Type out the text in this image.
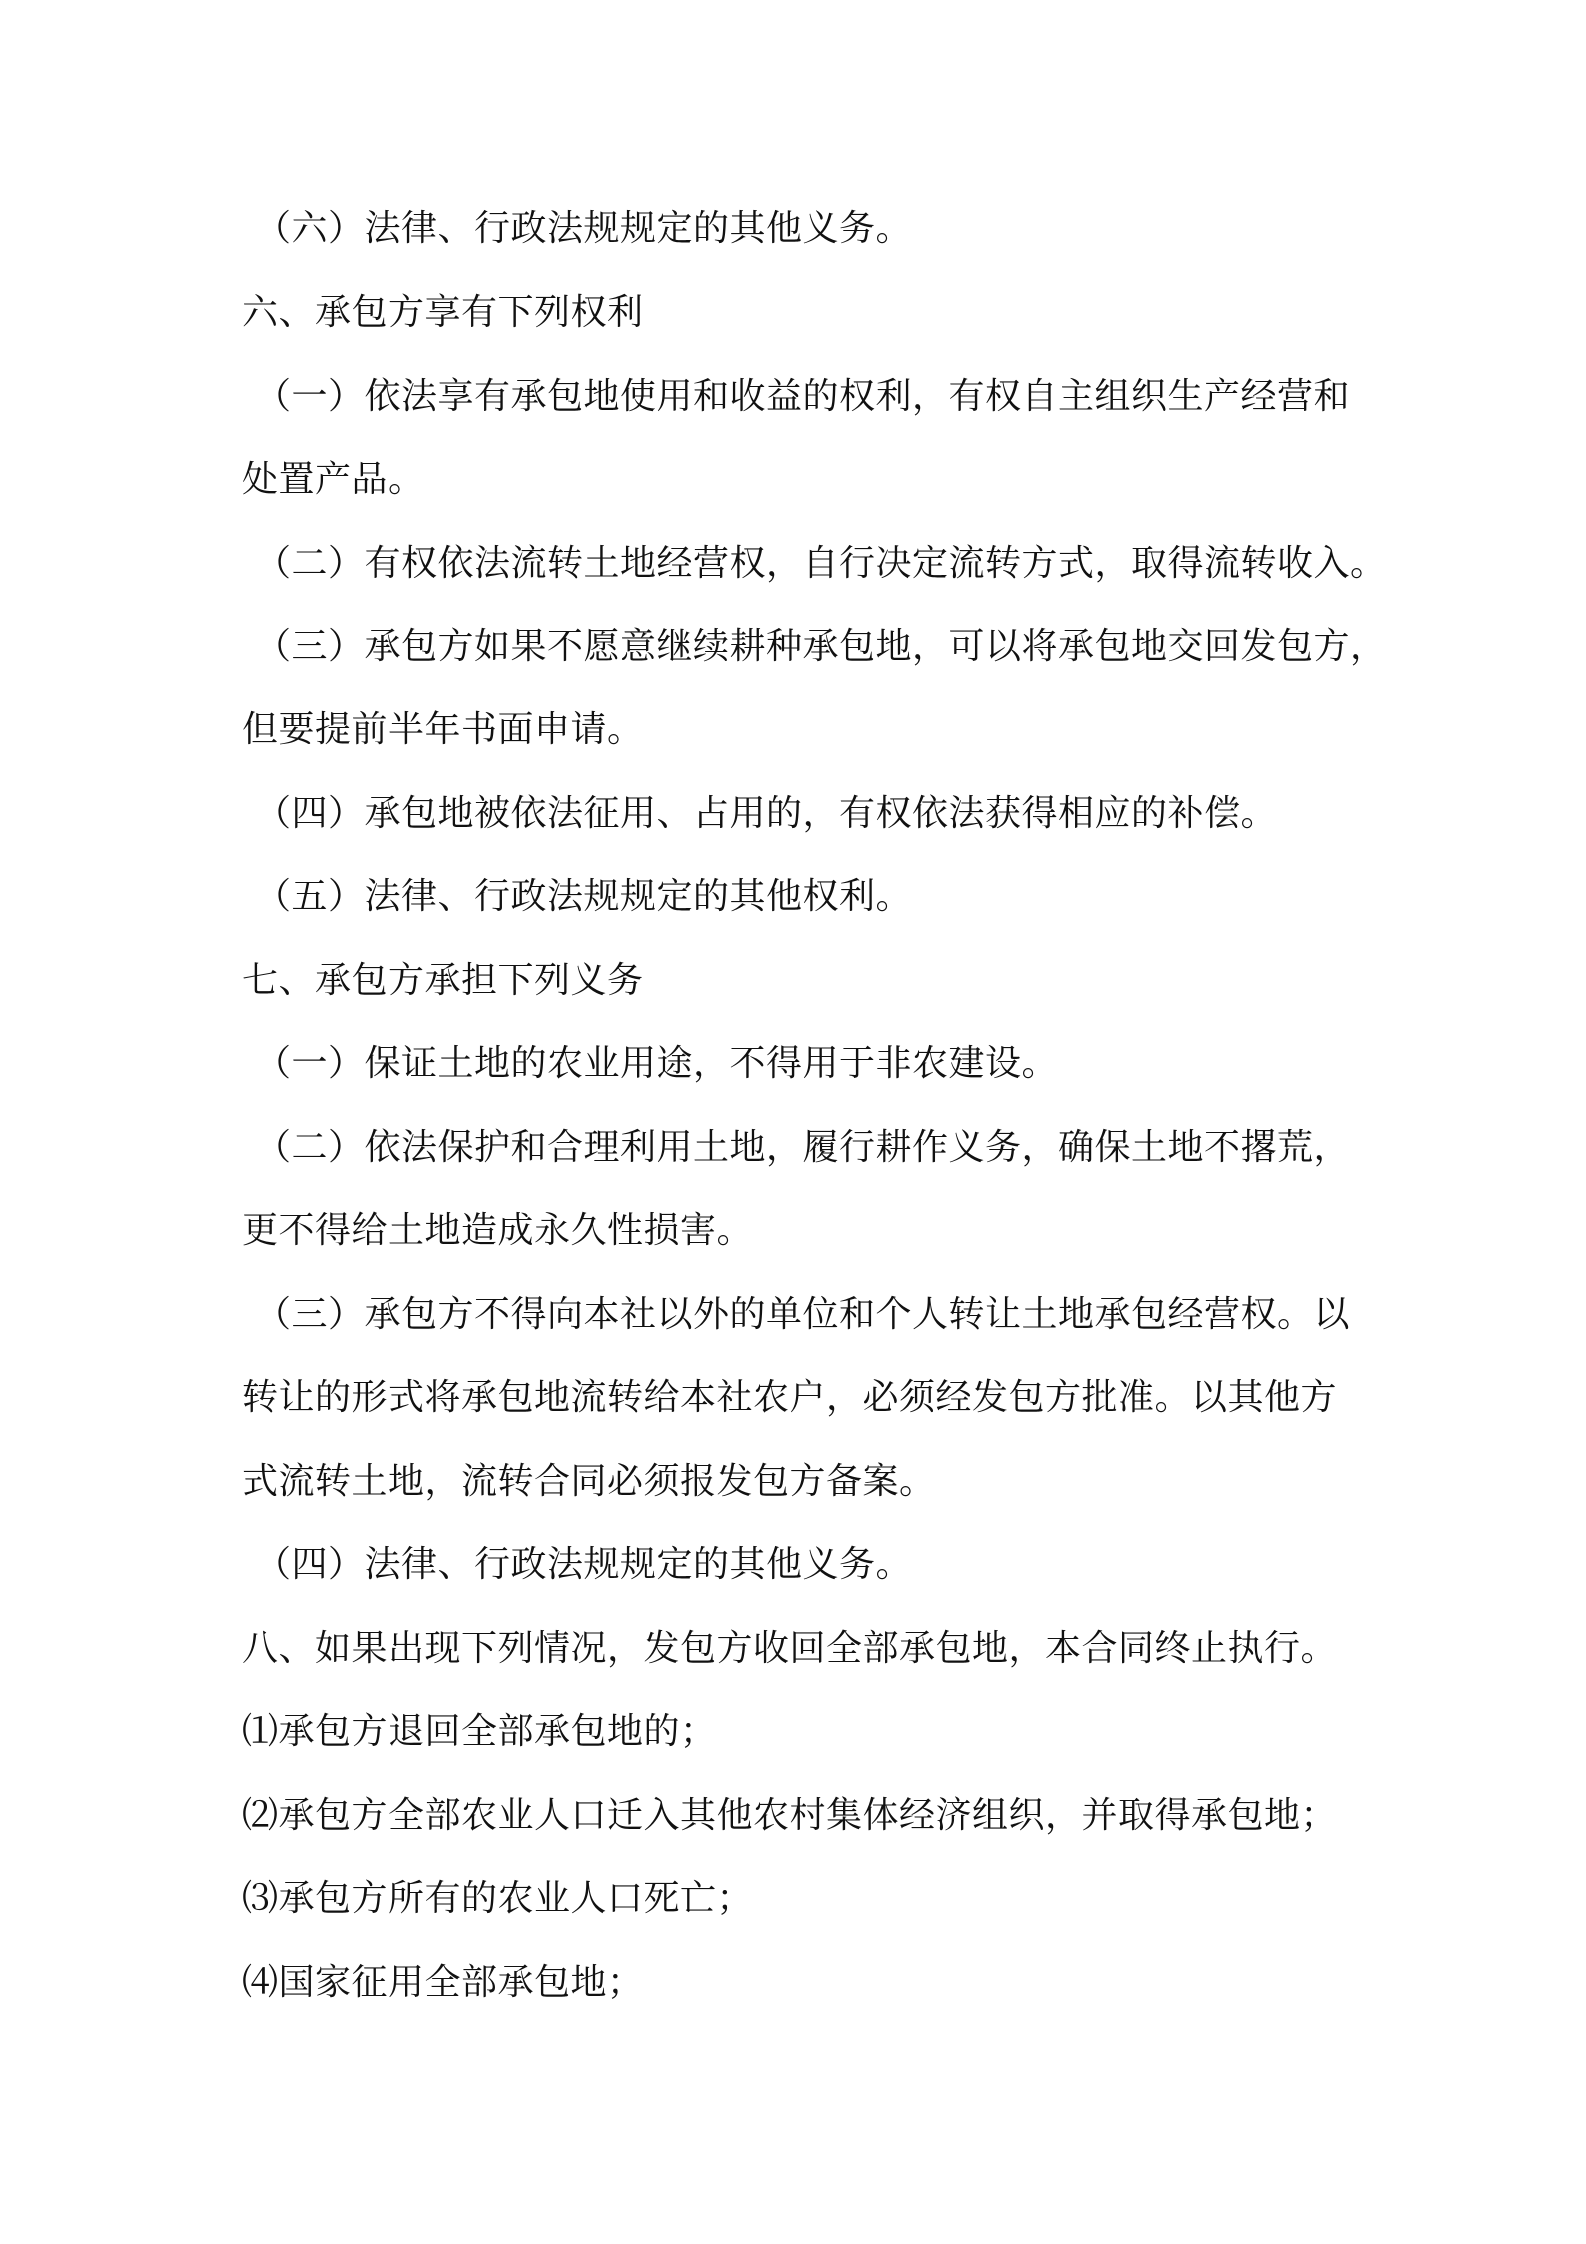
（六）法律、行政法规规定的其他义务。
六、承包方享有下列权利
（一）依法享有承包地使用和收益的权利，有权自主组织生产经营和
处置产品。
（二）有权依法流转土地经营权，自行决定流转方式，取得流转收入。
（三）承包方如果不愿意继续耕种承包地，可以将承包地交回发包方，
但要提前半年书面申请。
（四）承包地被依法征用、占用的，有权依法获得相应的补偿。
（五）法律、行政法规规定的其他权利。
七、承包方承担下列义务
（一）保证土地的农业用途，不得用于非农建设。
（二）依法保护和合理利用土地，履行耕作义务，确保土地不撂荒，
更不得给土地造成永久性损害。
（三）承包方不得向本社以外的单位和个人转让土地承包经营权。以
转让的形式将承包地流转给本社农户，必须经发包方批准。以其他方
式流转土地，流转合同必须报发包方备案。
（四）法律、行政法规规定的其他义务。
八、如果出现下列情况，发包方收回全部承包地，本合同终止执行。
⑴承包方退回全部承包地的；
⑵承包方全部农业人口迁入其他农村集体经济组织，并取得承包地；
⑶承包方所有的农业人口死亡；
⑷国家征用全部承包地；
